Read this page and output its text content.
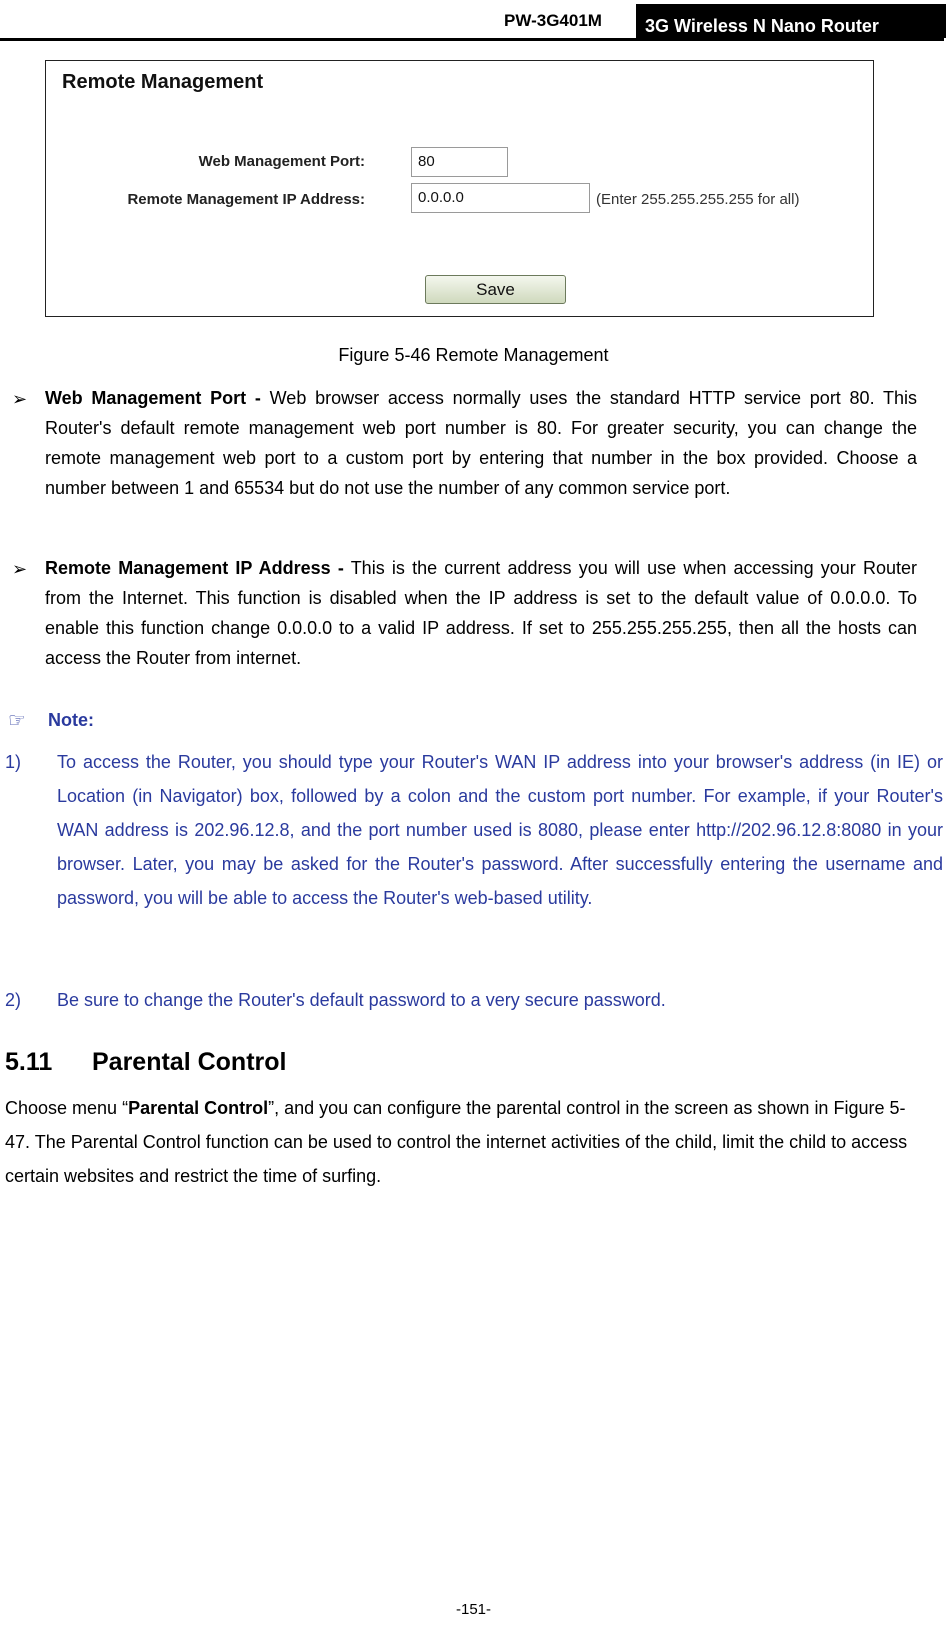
PW-3G401M	3G Wireless N Nano Router
Remote Management
Web Management Port:	80
Remote Management IP Address:	0.0.0.0	(Enter 255.255.255.255 for all)
Save
Figure 5-46 Remote Management
➢ Web Management Port - Web browser access normally uses the standard HTTP service port 80. This Router's default remote management web port number is 80. For greater security, you can change the remote management web port to a custom port by entering that number in the box provided. Choose a number between 1 and 65534 but do not use the number of any common service port.
➢ Remote Management IP Address - This is the current address you will use when accessing your Router from the Internet. This function is disabled when the IP address is set to the default value of 0.0.0.0. To enable this function change 0.0.0.0 to a valid IP address. If set to 255.255.255.255, then all the hosts can access the Router from internet.
☞ Note:
1) To access the Router, you should type your Router's WAN IP address into your browser's address (in IE) or Location (in Navigator) box, followed by a colon and the custom port number. For example, if your Router's WAN address is 202.96.12.8, and the port number used is 8080, please enter http://202.96.12.8:8080 in your browser. Later, you may be asked for the Router's password. After successfully entering the username and password, you will be able to access the Router's web-based utility.
2) Be sure to change the Router's default password to a very secure password.
5.11 Parental Control
Choose menu “Parental Control”, and you can configure the parental control in the screen as shown in Figure 5-47. The Parental Control function can be used to control the internet activities of the child, limit the child to access certain websites and restrict the time of surfing.
-151-
